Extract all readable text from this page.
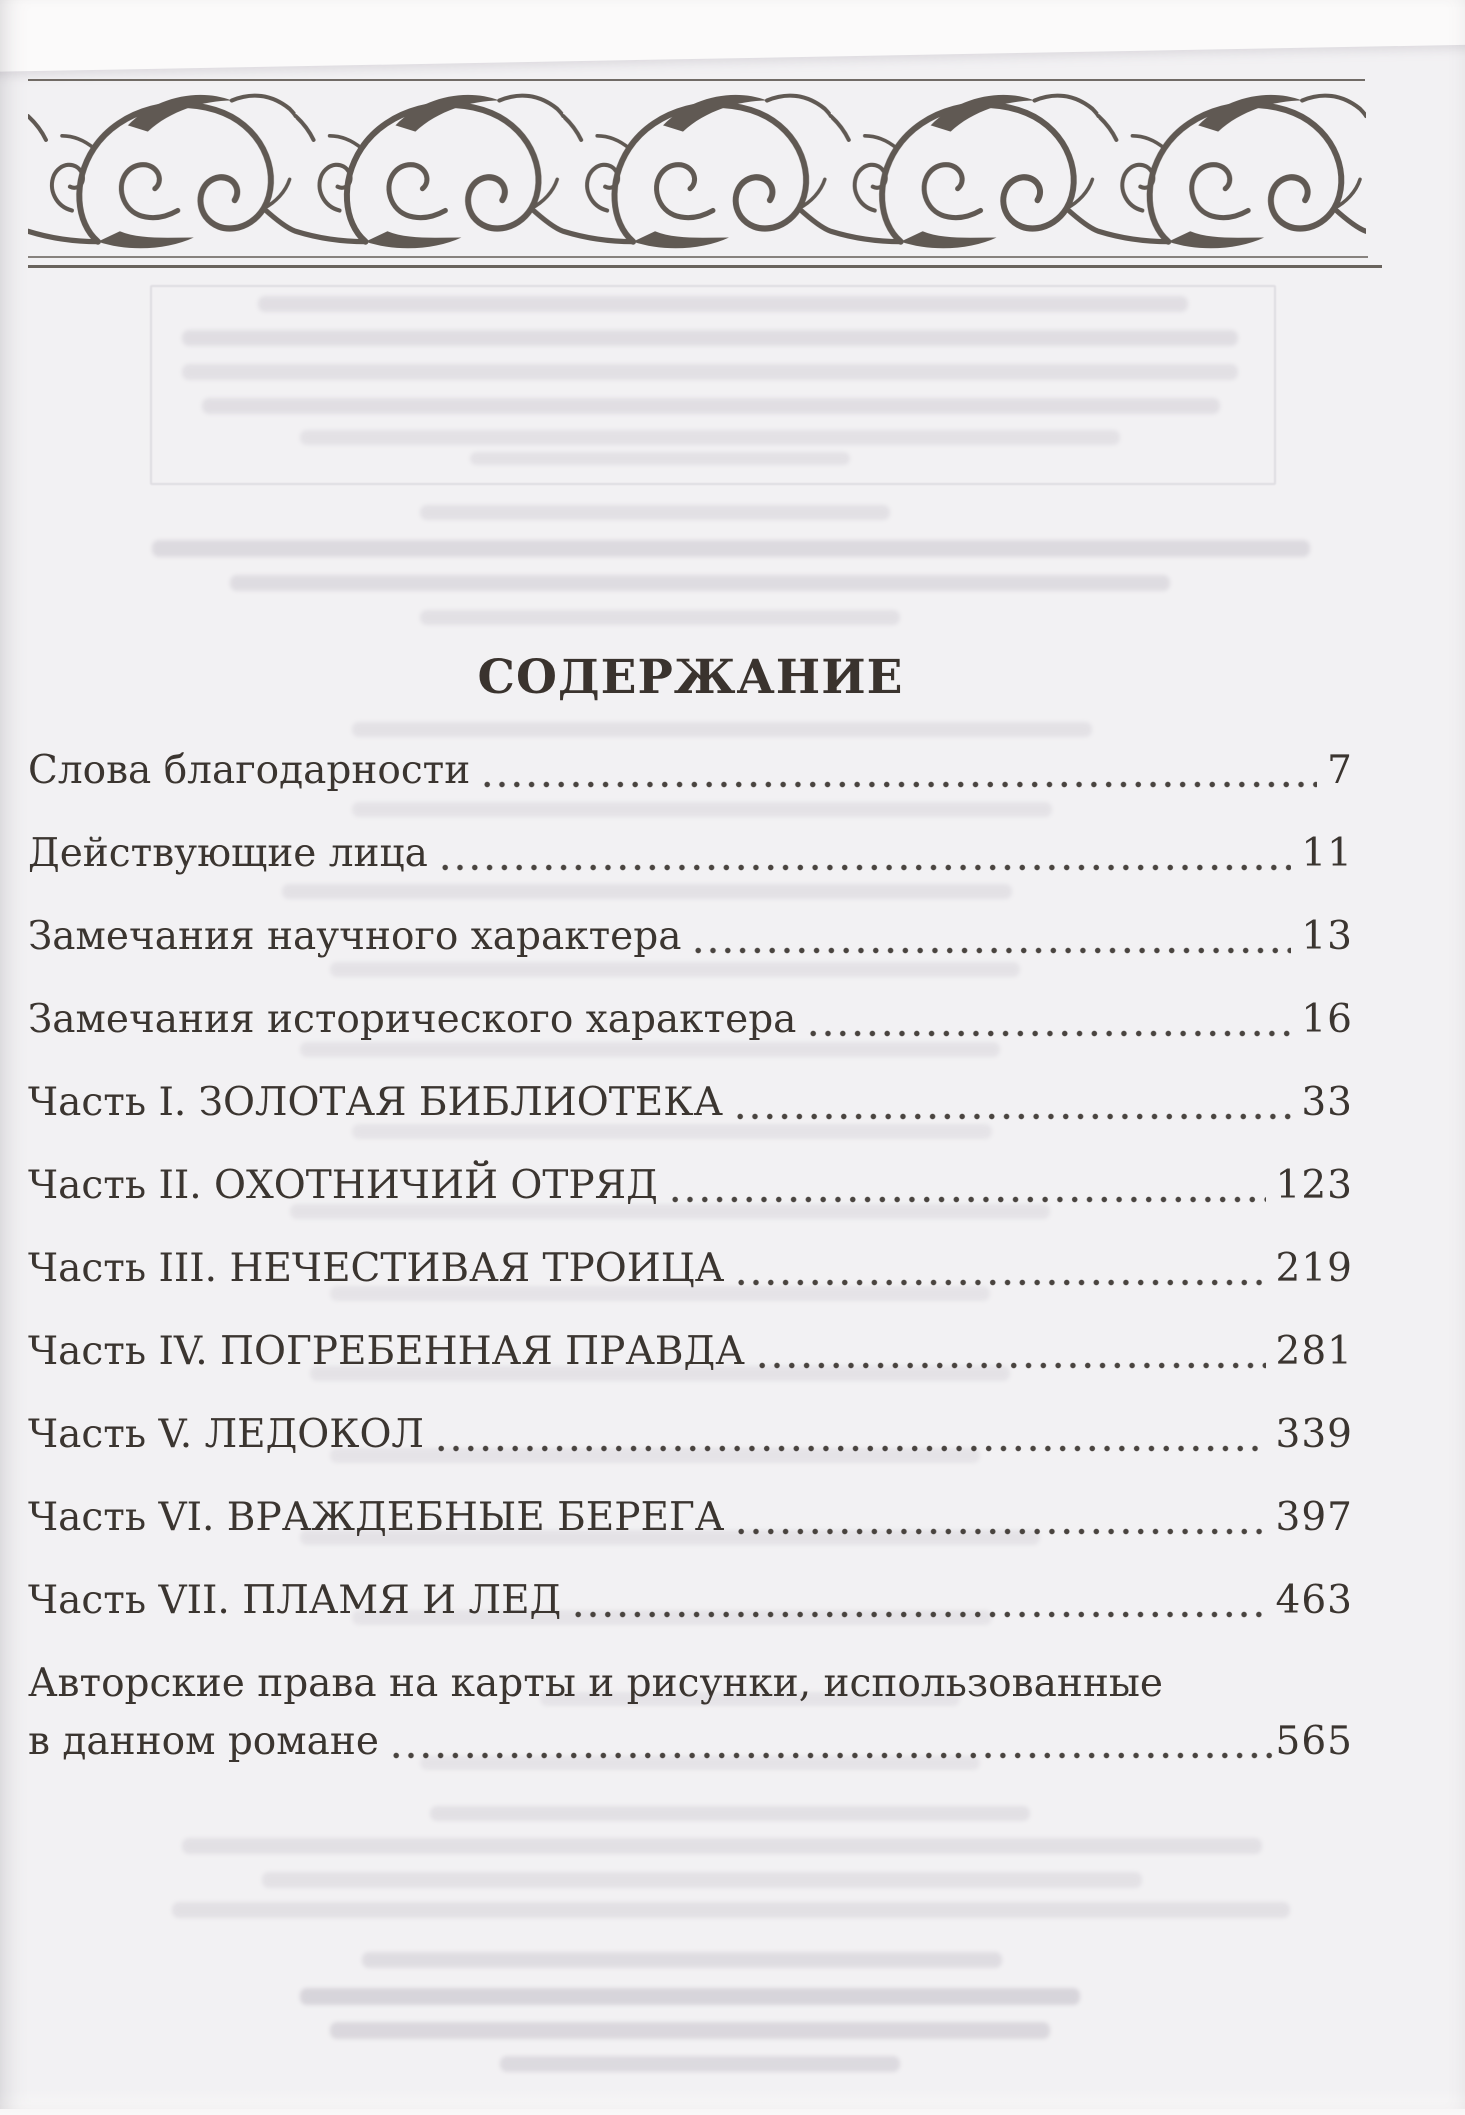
СОДЕРЖАНИЕ
Слова благодарности	7
Действующие лица	11
Замечания научного характера	13
Замечания исторического характера	16
Часть I. ЗОЛОТАЯ БИБЛИОТЕКА	33
Часть II. ОХОТНИЧИЙ ОТРЯД	123
Часть III. НЕЧЕСТИВАЯ ТРОИЦА	219
Часть IV. ПОГРЕБЕННАЯ ПРАВДА	281
Часть V. ЛЕДОКОЛ	339
Часть VI. ВРАЖДЕБНЫЕ БЕРЕГА	397
Часть VII. ПЛАМЯ И ЛЕД	463
Авторские права на карты и рисунки, использованные
в данном романе	565
